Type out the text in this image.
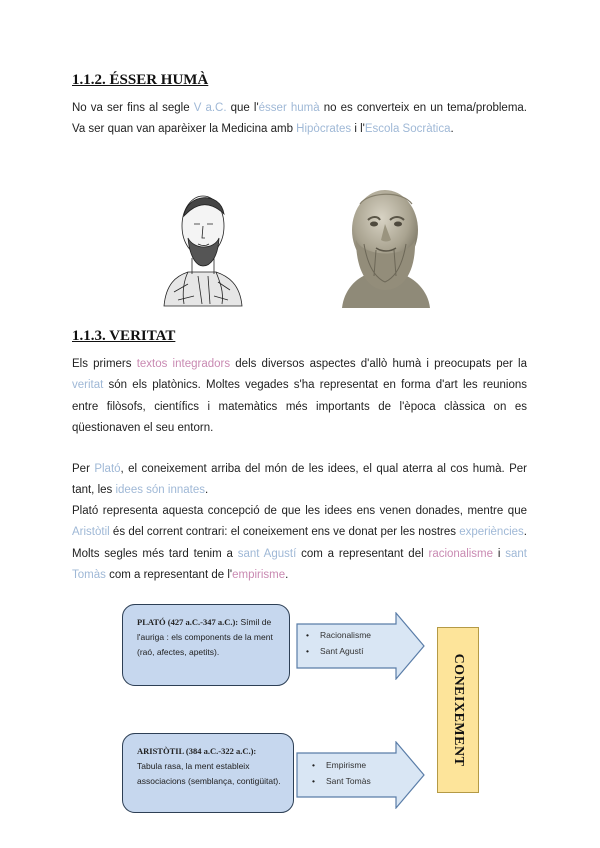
1.1.2. ÉSSER HUMÀ

No va ser fins al segle V a.C. que l'ésser humà no es converteix en un tema/problema. Va ser quan van aparèixer la Medicina amb Hipòcrates i l'Escola Socràtica.

1.1.3. VERITAT

Els primers textos integradors dels diversos aspectes d'allò humà i preocupats per la veritat són els platònics. Moltes vegades s'ha representat en forma d'art les reunions entre filòsofs, científics i matemàtics més importants de l'època clàssica on es qüestionaven el seu entorn.

Per Plató, el coneixement arriba del món de les idees, el qual aterra al cos humà. Per tant, les idees són innates.

Plató representa aquesta concepció de que les idees ens venen donades, mentre que Aristòtil és del corrent contrari: el coneixement ens ve donat per les nostres experiències. Molts segles més tard tenim a sant Agustí com a representant del racionalisme i sant Tomàs com a representant de l'empirisme.

PLATÓ (427 a.C.-347 a.C.): Símil de l'auriga : els components de la ment (raó, afectes, apetits).
• Racionalisme
• Sant Agustí
ARISTÒTIL (384 a.C.-322 a.C.): Tabula rasa, la ment estableix associacions (semblança, contigüitat).
• Empirisme
• Sant Tomàs
CONEIXEMENT
